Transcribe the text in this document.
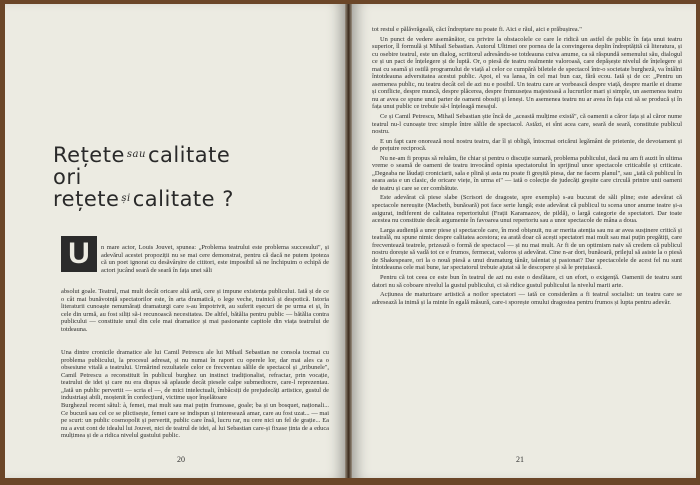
Rețete $^{sau}$calitate
ori
rețete $^{și}$calitate ?
U	n mare actor, Louis Jouvet, spunea: „Problema teatrului este problema succesului", și adevărul acestei propoziții nu se mai cere demonstrat, pentru că dacă ne putem ipoteza că un poet ignorat cu desăvârșire de cititori, este imposibil să ne închipuim o echipă de actori jucând seară de seară în fața unei săli
absolut goale. Teatrul, mai mult decât oricare altă artă, cere și impune existența publicului. Iată și de ce o cât mai bunăvoință spectatorilor este, în arta dramatică, o lege veche, trainică și despotică. Istoria literaturii cunoaște nenumărați dramaturgi care s-au împotrivit, au suferit eșecuri de pe urma ei și, în cele din urmă, au fost siliți să-i recunoască necesitatea. De altfel, bătălia pentru public — bătălia contra publicului — constituie unul din cele mai dramatice și mai pasionante capitole din viața teatrului de totdeauna.
Una dintre cronicile dramatice ale lui Camil Petrescu ale lui Mihail Sebastian ne consola tocmai cu problema publicului, la procesul adresat, și nu numai în raport cu operele lor, dar mai ales ca o obsesiune vitală a teatrului. Urmărind rezultatele celor ce frecventau sălile de spectacol și „tribunele", Camil Petrescu a reconstituit în publicul burghez un instinct tradiționalist, refractar, prin vocație, teatrului de idei și care nu era dispus să aplaude decât piesele calpe submediocre, care-l reprezentau. „Iată un public pervertit — scria el —, de mici intelectuali, îmbâcsiți de prejudecăți artistice, gustul de industriași abili, moștenit în confecțiuni, victime ușor înșelătoare
Burghezul recent sătul: à, femei, mai mult sau mai puțin frumoase, goale; ba și un bosquet, naționali... Ce bucură sau cel ce se plictisește, femei care se indispun și interesează amar, care au fost uzat... — mai pe scurt: un public cosmopolit și pervertit, public care însă, lucru rar, nu cere nici un fel de grație... Ea nu a avut cont de idealul lui Jouvet, nici de teatrul de idei, al lui Sebastian care-și fixase ținta de a educa mulțimea și de a ridica nivelul gustului public.
20

tot restul e pălăvrăgeală, căci îndreptare nu poate fi. Aici e răul, aici e prăbușirea."

Un punct de vedere asemănător, cu privire la obstacolele ce care le ridică un astfel de public în fața unui teatru superior, îl formulă și Mihail Sebastian. Autorul Ultimei ore pornea de la convingerea deplin îndreptățită că literatura, și cu osebire teatrul, este un dialog, scriitorul adresându-se totdeauna cuiva anume, ca să răspundă semenului său, dialogul ce și un pact de înțelegere și de luptă. Or, o piesă de teatru realmente valoroasă, care depășește nivelul de înțelegere și mai cu seamă și ostilă programului de viață al celor ce cumpără biletele de spectacol într-o societate burgheză, va întâlni întotdeauna adversitatea acestui public. Apoi, el va lansa, în cel mai bun caz, fără ecou. Iată și de ce: „Pentru un asemenea public, nu teatru decât cel de azi nu e posibil. Un teatru care ar vorbească despre viață, despre marile ei drame și conflicte, despre muncă, despre plăcerea, despre frumusețea majestoasă a lucrurilor mari și simple, un asemenea teatru nu ar avea ce spune unui parter de oameni obosiți și leneși. Un asemenea teatru nu ar avea în fața cui să se producă și în fața unui public ce trebuie să-i înțeleagă mesajul.

Ce și Camil Petrescu, Mihail Sebastian știe încă de „această mulțime există", că oamenii a căror fața și al căror nume teatrul nu-l cunoaște trec simple între sălile de spectacol. Astăzi, ei sînt acea care, seară de seară, constituie publicul nostru.

E un fapt care onorează noul nostru teatru, dar îl și obligă, întocmai oricărui legământ de prietenie, de devotament și de prețuire reciprocă.

Nu ne-am fi propus să reluăm, fie chiar și pentru o discuție sumară, problema publicului, dacă nu am fi auzit în ultima vreme o seamă de oameni de teatru invocând opinia spectatorului în sprijinul unor spectacole criticabile și criticate. „Degeaba ne lăudați croniciarii, sala e plină și asta nu poate fi greșită piesa, dar ne facem planul", sau „iată că publicul în seara asta e un clasic, de oricare viețe, în urma ei" — iată o colecție de judecăți greșite care circulă printre unii oameni de teatru și care se cer combătute.

Este adevărat că piese slabe (Scrisori de dragoste, spre exemplu) s-au bucurat de săli pline; este adevărat că spectacole nereușite (Macbeth, bunăoară) pot face serie lungă; este adevărat că publicul tu scena unor anume teatre și-a asigurat, indiferent de calitatea repertoriului (Frații Karamazov, de pildă), o largă categorie de spectatori. Dar toate acestea nu constituie decât argumente în favoarea unui repertoriu sau a unor spectacole de mâna a doua.

Larga audiență a unor piese și spectacole care, în mod obișnuit, nu ar merita atenția sau nu ar avea susținere critică și teatrală, nu spune nimic despre calitatea acestora; ea arată doar că acești spectatori mai mult sau mai puțin pregătiți, care frecventează teatrele, prizează o formă de spectacol — și nu mai mult. Ar fi de un optimism naiv să credem că publicul nostru dorește să vadă tot ce e frumos, fermecat, valoros și adevărat. Cine n-ar dori, bunăoară, prilejul să asiste la o piesă de Shakespeare, ori la o nouă piesă a unui dramaturg tânăr, talentat și pasionat? Dar spectacolele de acest fel nu sunt întotdeauna cele mai bune, iar spectatorul trebuie ajutat să le descopere și să le prețuiască.

Pentru că tot ceea ce este bun în teatrul de azi nu este o desfătare, ci un efort, o exigență. Oamenii de teatru sunt datori nu să coboare nivelul la gustul publicului, ci să ridice gustul publicului la nivelul marii arte.

Acțiunea de maturizare artistică a noilor spectatori — iată ce considerăm a fi teatrul socialist: un teatru care se adresează la inimă și la minte în egală măsură, care-i sporește omului dragostea pentru frumos și lupta pentru adevăr.

21
